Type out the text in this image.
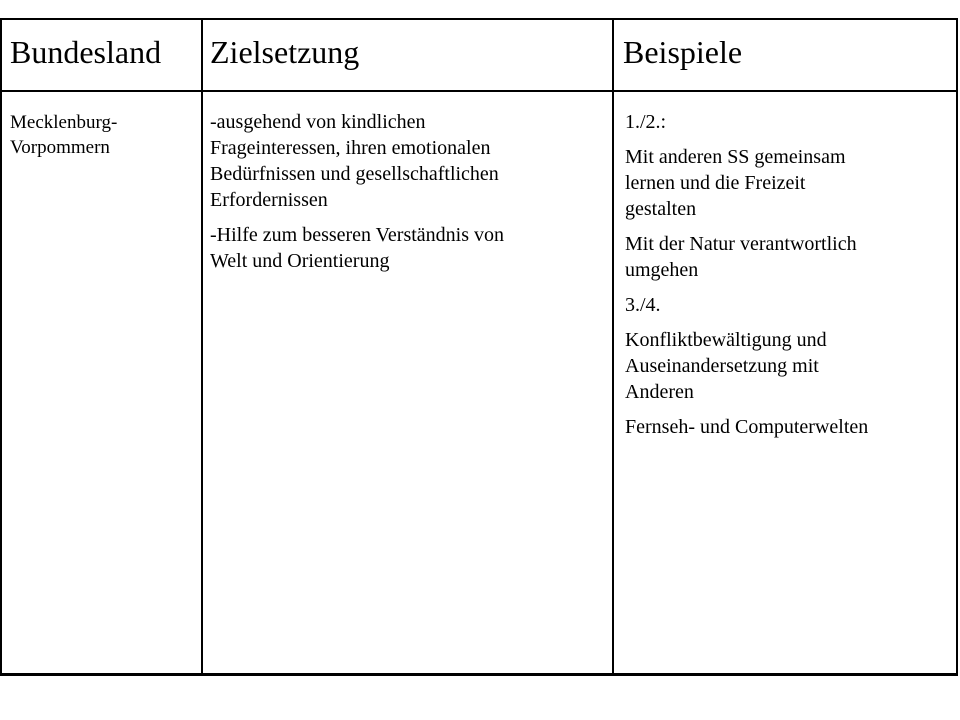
Bundesland Zielsetzung	Beispiele
Mecklenburg-
Vorpommern
-ausgehend von kindlichen
Frageinteressen, ihren emotionalen
Bedürfnissen und gesellschaftlichen
Erfordernissen
-Hilfe zum besseren Verständnis von
Welt und Orientierung
1./2.:
Mit anderen SS gemeinsam
lernen und die Freizeit
gestalten
Mit der Natur verantwortlich
umgehen
3./4.
Konfliktbewältigung und
Auseinandersetzung mit
Anderen
Fernseh- und Computerwelten
